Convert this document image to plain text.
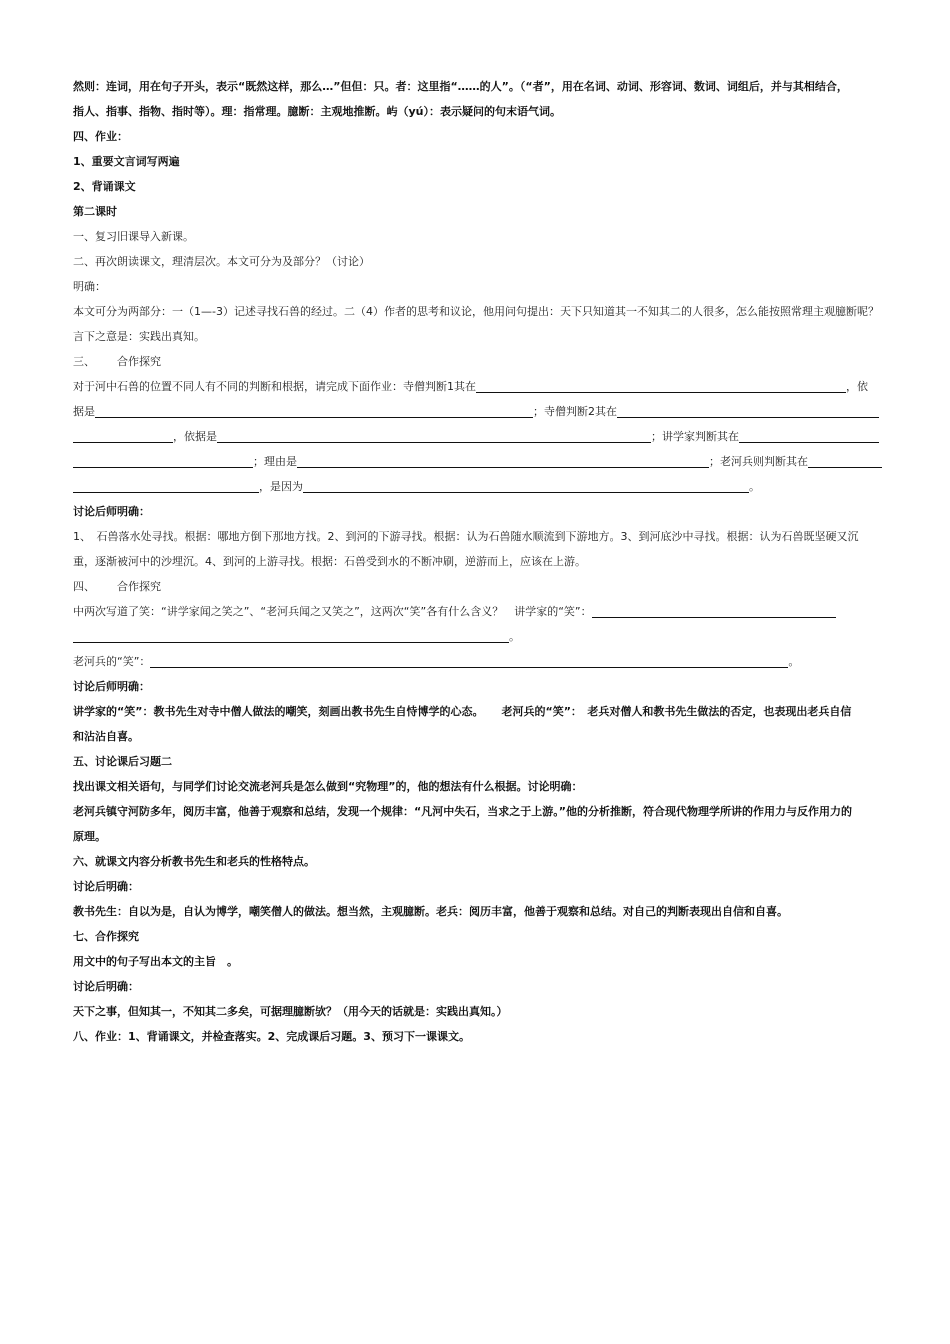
然则：连词，用在句子开头，表示“既然这样，那么…”但但：只。者：这里指“……的人”。（“者”，用在名词、动词、形容词、数词、词组后，并与其相结合，
指人、指事、指物、指时等）。理：指常理。臆断：主观地推断。屿（yú）：表示疑问的句末语气词。
四、作业：
1、重要文言词写两遍
2、背诵课文
第二课时
一、复习旧课导入新课。
二、再次朗读课文，理清层次。本文可分为及部分？（讨论）
明确：
本文可分为两部分：一（1—-3）记述寻找石兽的经过。二（4）作者的思考和议论，他用问句提出：天下只知道其一不知其二的人很多，怎么能按照常理主观臆断呢？
言下之意是：实践出真知。
三、 合作探究
对于河中石兽的位置不同人有不同的判断和根据，请完成下面作业：寺僧判断1其在	，依
据是	；寺僧判断2其在
，依据是	；讲学家判断其在
；理由是	；老河兵则判断其在
，是因为	。
讨论后师明确：
1、　石兽落水处寻找。根据：哪地方倒下那地方找。2、到河的下游寻找。根据：认为石兽随水顺流到下游地方。3、到河底沙中寻找。根据：认为石兽既坚硬又沉
重，逐渐被河中的沙埋沉。4、到河的上游寻找。根据：石兽受到水的不断冲刷，逆游而上，应该在上游。
四、 合作探究
中两次写道了笑：“讲学家闻之笑之”、“老河兵闻之又笑之”，这两次“笑”各有什么含义？　讲学家的“笑”：
。
老河兵的“笑”：	。
讨论后师明确：
讲学家的“笑”：教书先生对寺中僧人做法的嘲笑，刻画出教书先生自恃博学的心态。 老河兵的“笑”：　老兵对僧人和教书先生做法的否定，也表现出老兵自信
和沾沾自喜。
五、讨论课后习题二
找出课文相关语句，与同学们讨论交流老河兵是怎么做到“究物理”的，他的想法有什么根据。讨论明确：
老河兵镇守河防多年，阅历丰富，他善于观察和总结，发现一个规律：“凡河中失石，当求之于上游。”他的分析推断，符合现代物理学所讲的作用力与反作用力的
原理。
六、就课文内容分析教书先生和老兵的性格特点。
讨论后明确：
教书先生：自以为是，自认为博学，嘲笑僧人的做法。想当然，主观臆断。老兵：阅历丰富，他善于观察和总结。对自己的判断表现出自信和自喜。
七、合作探究
用文中的句子写出本文的主旨　。
讨论后明确：
天下之事，但知其一，不知其二多矣，可据理臆断欤？（用今天的话就是：实践出真知。）
八、作业：1、背诵课文，并检查落实。2、完成课后习题。3、预习下一课课文。
